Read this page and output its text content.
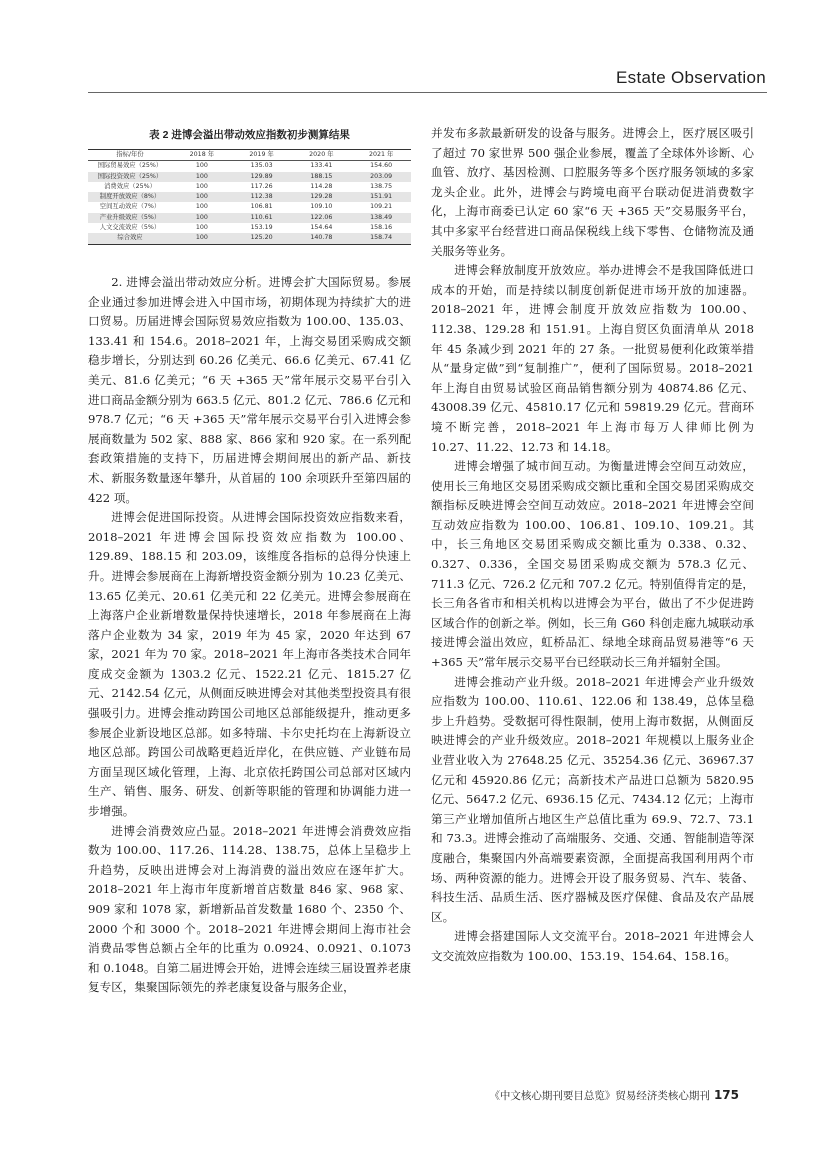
Estate Observation
表 2 进博会溢出带动效应指数初步测算结果
指标/年份	2018 年	2019 年	2020 年	2021 年
国际贸易效应（25%）	100	135.03	133.41	154.60
国际投资效应（25%）	100	129.89	188.15	203.09
消费效应（25%）	100	117.26	114.28	138.75
制度开放效应（8%）	100	112.38	129.28	151.91
空间互动效应（7%）	100	106.81	109.10	109.21
产业升级效应（5%）	100	110.61	122.06	138.49
人文交流效应（5%）	100	153.19	154.64	158.16
综合效应	100	125.20	140.78	158.74

2. 进博会溢出带动效应分析。进博会扩大国际贸易。参展企业通过参加进博会进入中国市场，初期体现为持续扩大的进口贸易。历届进博会国际贸易效应指数为 100.00、135.03、133.41 和 154.6。2018–2021 年，上海交易团采购成交额稳步增长，分别达到 60.26 亿美元、66.6 亿美元、67.41 亿美元、81.6 亿美元；“6 天 +365 天”常年展示交易平台引入进口商品金额分别为 663.5 亿元、801.2 亿元、786.6 亿元和 978.7 亿元；“6 天 +365 天”常年展示交易平台引入进博会参展商数量为 502 家、888 家、866 家和 920 家。在一系列配套政策措施的支持下，历届进博会期间展出的新产品、新技术、新服务数量逐年攀升，从首届的 100 余项跃升至第四届的 422 项。

进博会促进国际投资。从进博会国际投资效应指数来看，2018–2021 年进博会国际投资效应指数为 100.00、129.89、188.15 和 203.09，该维度各指标的总得分快速上升。进博会参展商在上海新增投资金额分别为 10.23 亿美元、13.65 亿美元、20.61 亿美元和 22 亿美元。进博会参展商在上海落户企业新增数量保持快速增长，2018 年参展商在上海落户企业数为 34 家，2019 年为 45 家，2020 年达到 67 家，2021 年为 70 家。2018–2021 年上海市各类技术合同年度成交金额为 1303.2 亿元、1522.21 亿元、1815.27 亿元、2142.54 亿元，从侧面反映进博会对其他类型投资具有很强吸引力。进博会推动跨国公司地区总部能级提升，推动更多参展企业新设地区总部。如多特瑞、卡尔史托均在上海新设立地区总部。跨国公司战略更趋近岸化，在供应链、产业链布局方面呈现区域化管理，上海、北京依托跨国公司总部对区域内生产、销售、服务、研发、创新等职能的管理和协调能力进一步增强。

进博会消费效应凸显。2018–2021 年进博会消费效应指数为 100.00、117.26、114.28、138.75，总体上呈稳步上升趋势，反映出进博会对上海消费的溢出效应在逐年扩大。2018–2021 年上海市年度新增首店数量 846 家、968 家、909 家和 1078 家，新增新品首发数量 1680 个、2350 个、2000 个和 3000 个。2018–2021 年进博会期间上海市社会消费品零售总额占全年的比重为 0.0924、0.0921、0.1073 和 0.1048。自第二届进博会开始，进博会连续三届设置养老康复专区，集聚国际领先的养老康复设备与服务企业，

并发布多款最新研发的设备与服务。进博会上，医疗展区吸引了超过 70 家世界 500 强企业参展，覆盖了全球体外诊断、心血管、放疗、基因检测、口腔服务等多个医疗服务领域的多家龙头企业。此外，进博会与跨境电商平台联动促进消费数字化，上海市商委已认定 60 家“6 天 +365 天”交易服务平台，其中多家平台经营进口商品保税线上线下零售、仓储物流及通关服务等业务。

进博会释放制度开放效应。举办进博会不是我国降低进口成本的开始，而是持续以制度创新促进市场开放的加速器。2018–2021 年，进博会制度开放效应指数为 100.00、112.38、129.28 和 151.91。上海自贸区负面清单从 2018 年 45 条减少到 2021 年的 27 条。一批贸易便利化政策举措从“量身定做”到“复制推广”，便利了国际贸易。2018–2021 年上海自由贸易试验区商品销售额分别为 40874.86 亿元、43008.39 亿元、45810.17 亿元和 59819.29 亿元。营商环境不断完善，2018–2021 年上海市每万人律师比例为 10.27、11.22、12.73 和 14.18。

进博会增强了城市间互动。为衡量进博会空间互动效应，使用长三角地区交易团采购成交额比重和全国交易团采购成交额指标反映进博会空间互动效应。2018–2021 年进博会空间互动效应指数为 100.00、106.81、109.10、109.21。其中，长三角地区交易团采购成交额比重为 0.338、0.32、0.327、0.336，全国交易团采购成交额为 578.3 亿元、711.3 亿元、726.2 亿元和 707.2 亿元。特别值得肯定的是，长三角各省市和相关机构以进博会为平台，做出了不少促进跨区域合作的创新之举。例如，长三角 G60 科创走廊九城联动承接进博会溢出效应，虹桥品汇、绿地全球商品贸易港等“6 天 +365 天”常年展示交易平台已经联动长三角并辐射全国。

进博会推动产业升级。2018–2021 年进博会产业升级效应指数为 100.00、110.61、122.06 和 138.49，总体呈稳步上升趋势。受数据可得性限制，使用上海市数据，从侧面反映进博会的产业升级效应。2018–2021 年规模以上服务业企业营业收入为 27648.25 亿元、35254.36 亿元、36967.37 亿元和 45920.86 亿元；高新技术产品进口总额为 5820.95 亿元、5647.2 亿元、6936.15 亿元、7434.12 亿元；上海市第三产业增加值所占地区生产总值比重为 69.9、72.7、73.1 和 73.3。进博会推动了高端服务、交通、交通、智能制造等深度融合，集聚国内外高端要素资源，全面提高我国利用两个市场、两种资源的能力。进博会开设了服务贸易、汽车、装备、科技生活、品质生活、医疗器械及医疗保健、食品及农产品展区。

进博会搭建国际人文交流平台。2018–2021 年进博会人文交流效应指数为 100.00、153.19、154.64、158.16。

《中文核心期刊要目总览》贸易经济类核心期刊 175
